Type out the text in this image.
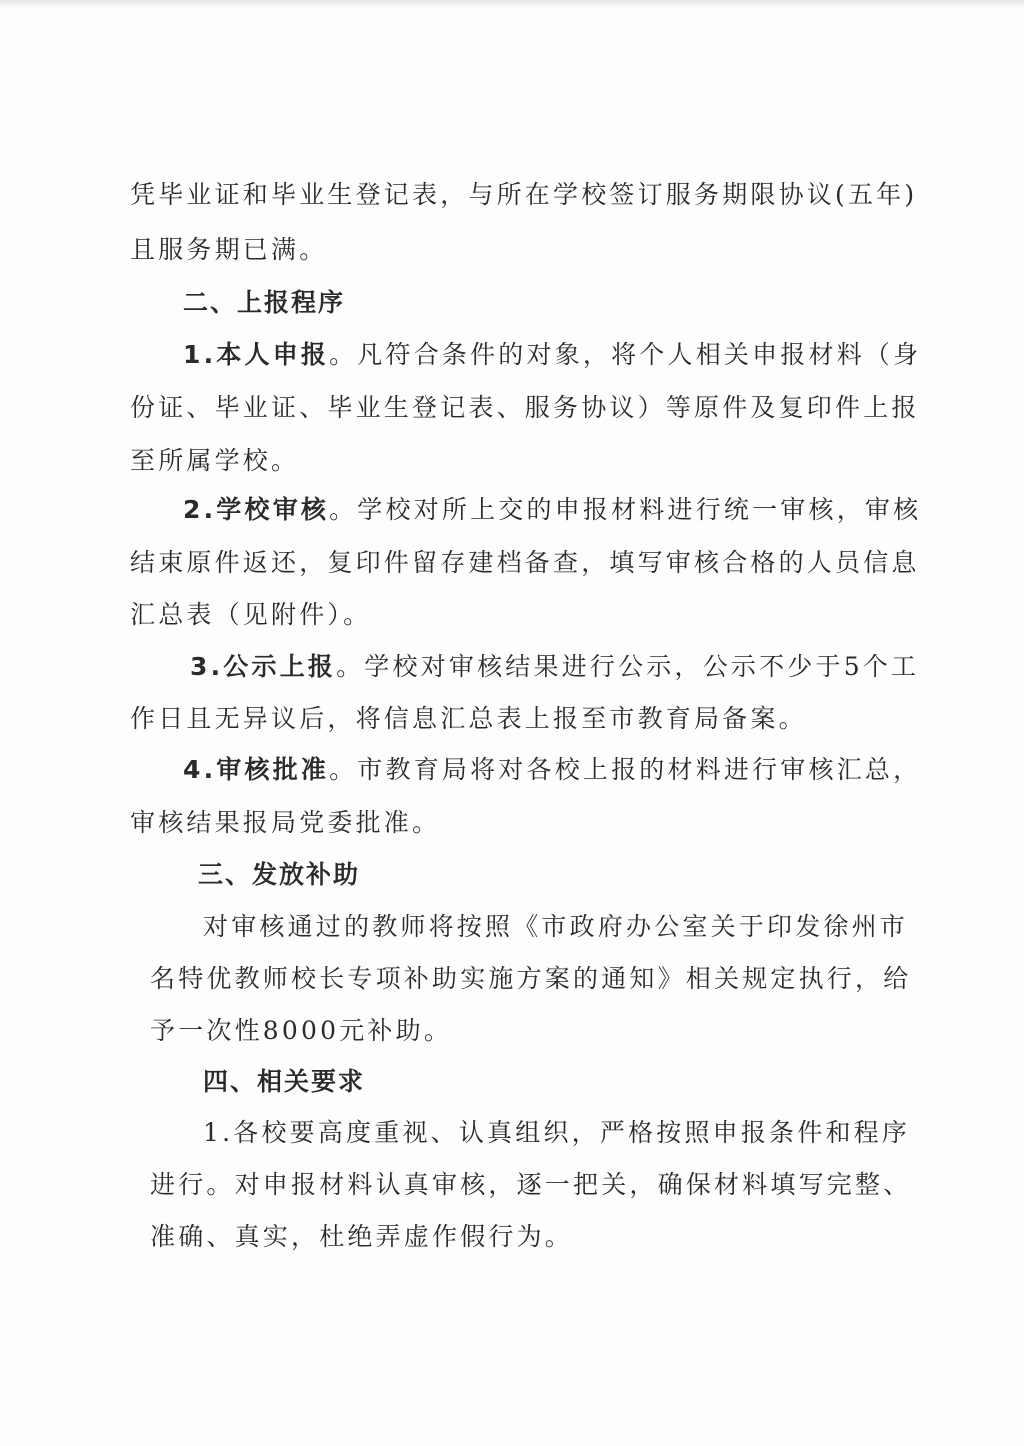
凭毕业证和毕业生登记表，与所在学校签订服务期限协议(五年)
且服务期已满。
二、上报程序
1.本人申报。凡符合条件的对象，将个人相关申报材料（身
份证、毕业证、毕业生登记表、服务协议）等原件及复印件上报
至所属学校。
2.学校审核。学校对所上交的申报材料进行统一审核，审核
结束原件返还，复印件留存建档备查，填写审核合格的人员信息
汇总表（见附件）。
3.公示上报。学校对审核结果进行公示，公示不少于5个工
作日且无异议后，将信息汇总表上报至市教育局备案。
4.审核批准。市教育局将对各校上报的材料进行审核汇总，
审核结果报局党委批准。
三、发放补助
对审核通过的教师将按照《市政府办公室关于印发徐州市
名特优教师校长专项补助实施方案的通知》相关规定执行，给
予一次性8000元补助。
四、相关要求
1.各校要高度重视、认真组织，严格按照申报条件和程序
进行。对申报材料认真审核，逐一把关，确保材料填写完整、
准确、真实，杜绝弄虚作假行为。
